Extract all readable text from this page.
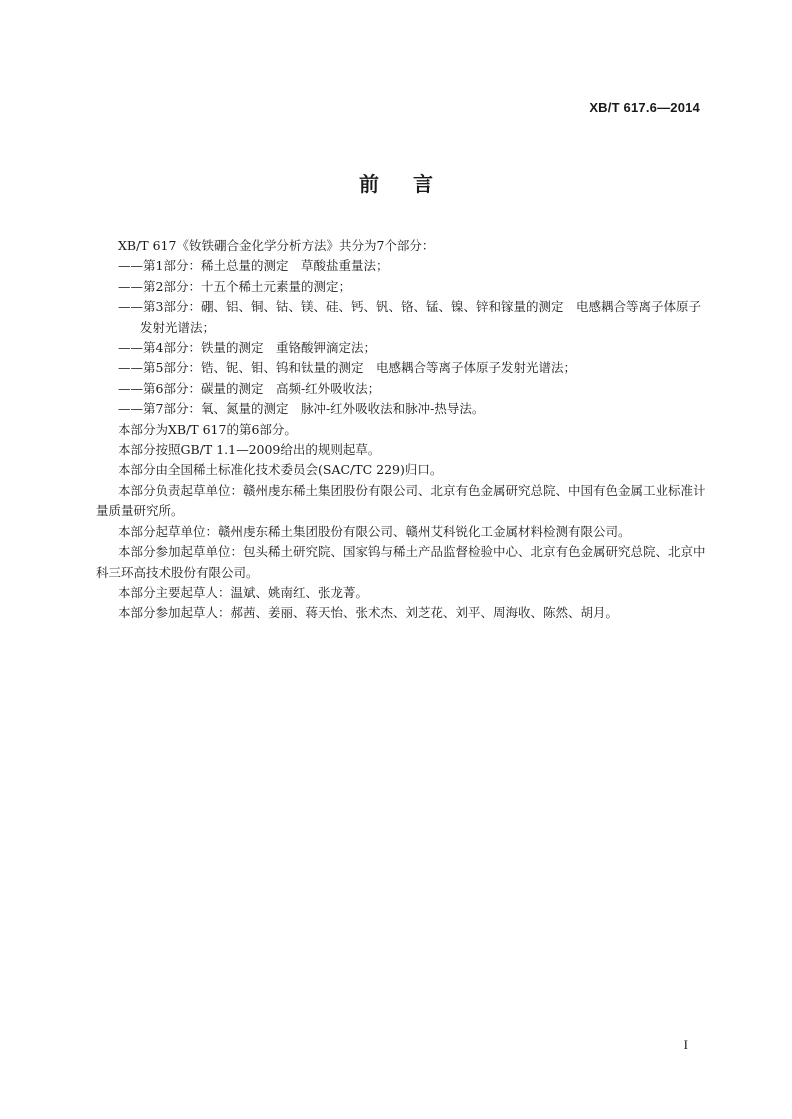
XB/T 617.6—2014
前言

XB/T 617《钕铁硼合金化学分析方法》共分为7个部分：

——第1部分：稀土总量的测定　草酸盐重量法；

——第2部分：十五个稀土元素量的测定；

——第3部分：硼、铝、铜、钴、镁、硅、钙、钒、铬、锰、镍、锌和镓量的测定　电感耦合等离子体原子发射光谱法；

——第4部分：铁量的测定　重铬酸钾滴定法；

——第5部分：锆、铌、钼、钨和钛量的测定　电感耦合等离子体原子发射光谱法；

——第6部分：碳量的测定　高频-红外吸收法；

——第7部分：氧、氮量的测定　脉冲-红外吸收法和脉冲-热导法。

本部分为XB/T 617的第6部分。

本部分按照GB/T 1.1—2009给出的规则起草。

本部分由全国稀土标准化技术委员会(SAC/TC 229)归口。

本部分负责起草单位：赣州虔东稀土集团股份有限公司、北京有色金属研究总院、中国有色金属工业标准计量质量研究所。

本部分起草单位：赣州虔东稀土集团股份有限公司、赣州艾科锐化工金属材料检测有限公司。

本部分参加起草单位：包头稀土研究院、国家钨与稀土产品监督检验中心、北京有色金属研究总院、北京中科三环高技术股份有限公司。

本部分主要起草人：温斌、姚南红、张龙菁。

本部分参加起草人：郝茜、姜丽、蒋天怡、张术杰、刘芝花、刘平、周海收、陈然、胡月。

I
